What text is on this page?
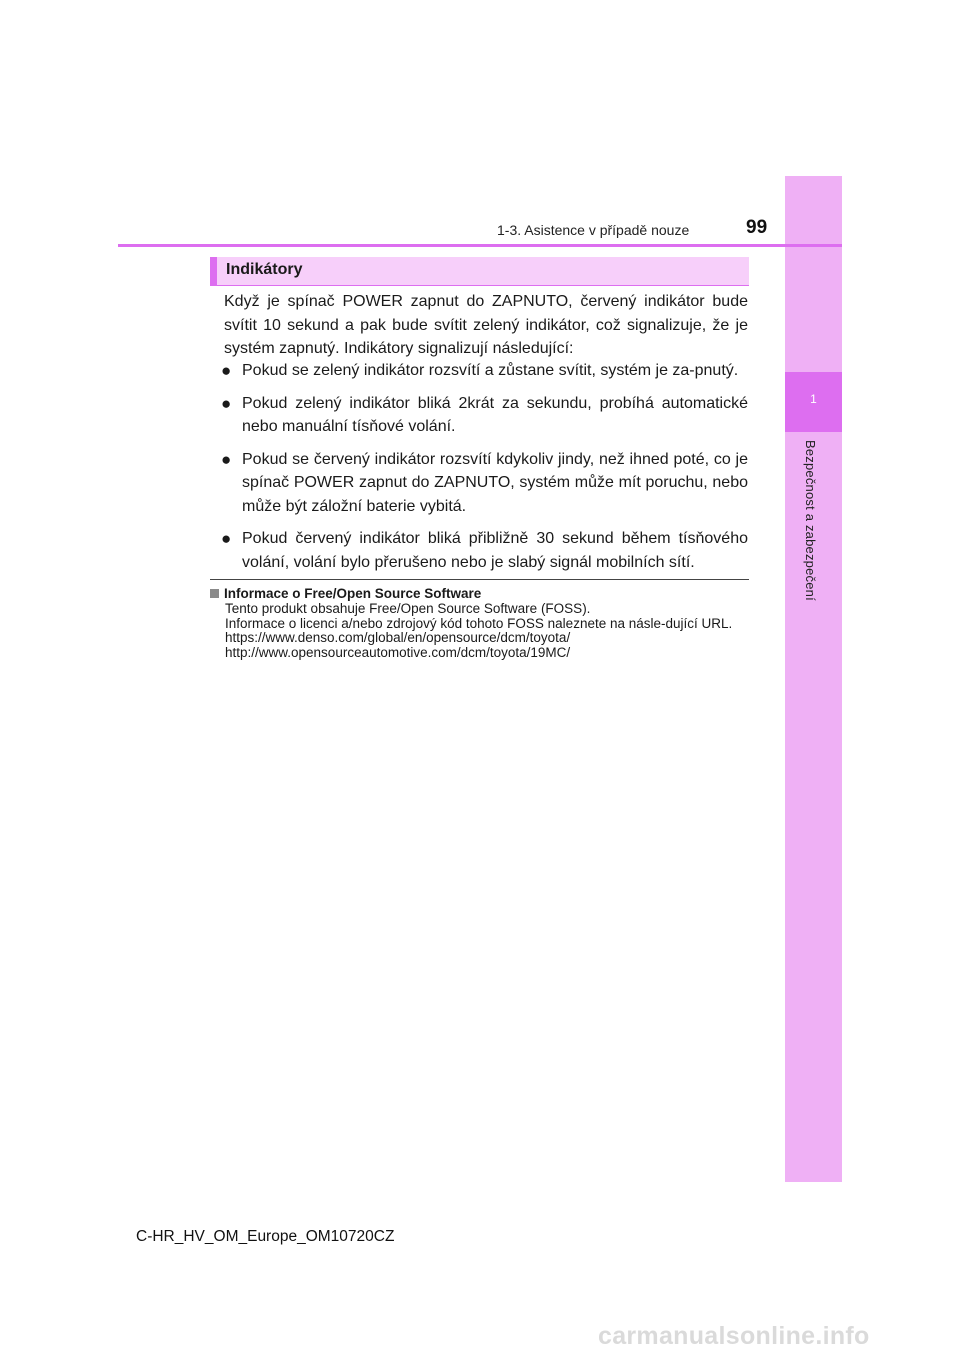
1
Bezpečnost a zabezpečení
1-3. Asistence v případě nouze	99
Indikátory
Když je spínač POWER zapnut do ZAPNUTO, červený indikátor bude svítit 10 sekund a pak bude svítit zelený indikátor, což signalizuje, že je systém zapnutý. Indikátory signalizují následující:
● Pokud se zelený indikátor rozsvítí a zůstane svítit, systém je za-pnutý.
● Pokud zelený indikátor bliká 2krát za sekundu, probíhá automatické nebo manuální tísňové volání.
● Pokud se červený indikátor rozsvítí kdykoliv jindy, než ihned poté, co je spínač POWER zapnut do ZAPNUTO, systém může mít poruchu, nebo může být záložní baterie vybitá.
● Pokud červený indikátor bliká přibližně 30 sekund během tísňového volání, volání bylo přerušeno nebo je slabý signál mobilních sítí.
Informace o Free/Open Source Software
Tento produkt obsahuje Free/Open Source Software (FOSS).
Informace o licenci a/nebo zdrojový kód tohoto FOSS naleznete na násle-dující URL.
https://www.denso.com/global/en/opensource/dcm/toyota/
http://www.opensourceautomotive.com/dcm/toyota/19MC/
C-HR_HV_OM_Europe_OM10720CZ
carmanualsonline.info
